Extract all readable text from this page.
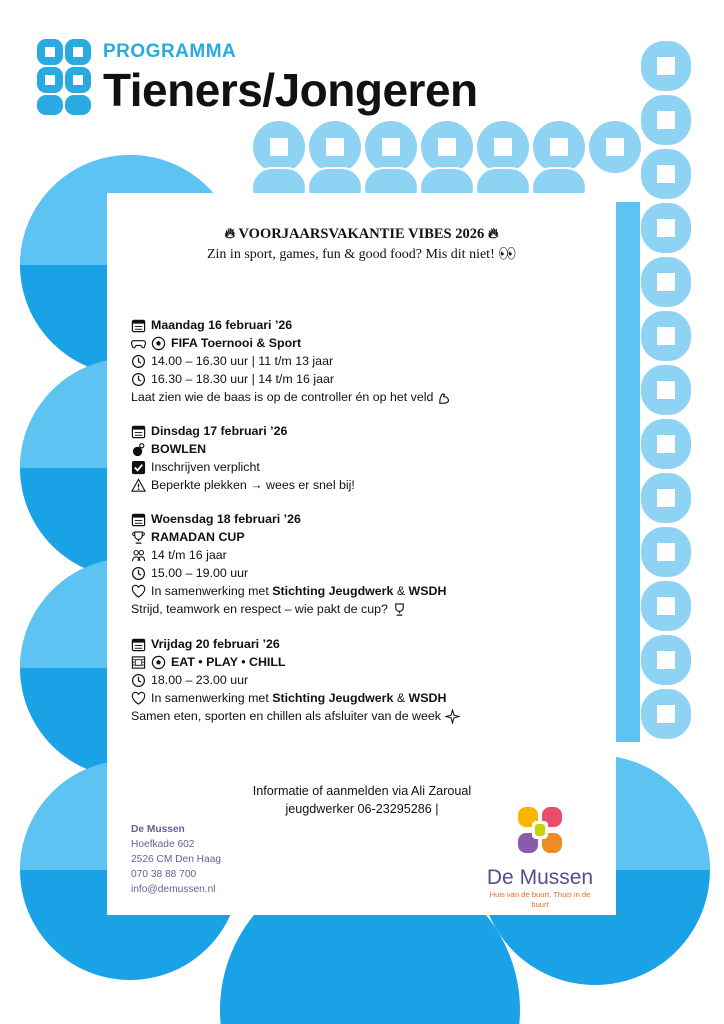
PROGRAMMA

Tieners/Jongeren
🔥︎ VOORJAARSVAKANTIE VIBES 2026 🔥︎
Zin in sport, games, fun & good food? Mis dit niet! 👀︎
Maandag 16 februari ’26
FIFA Toernooi & Sport
14.00 – 16.30 uur | 11 t/m 13 jaar
16.30 – 18.30 uur | 14 t/m 16 jaar
Laat zien wie de baas is op de controller én op het veld
Dinsdag 17 februari ’26
BOWLEN
Inschrijven verplicht
Beperkte plekken → wees er snel bij!
Woensdag 18 februari ’26
RAMADAN CUP
14 t/m 16 jaar
15.00 – 19.00 uur
In samenwerking met Stichting Jeugdwerk & WSDH
Strijd, teamwork en respect – wie pakt de cup?
Vrijdag 20 februari ’26
EAT • PLAY • CHILL
18.00 – 23.00 uur
In samenwerking met Stichting Jeugdwerk & WSDH
Samen eten, sporten en chillen als afsluiter van de week
Informatie of aanmelden via Ali Zaroual
jeugdwerker 06-23295286 |
De Mussen
Hoefkade 602
2526 CM Den Haag
070 38 88 700
info@demussen.nl
De Mussen
Huis van de buurt, Thuis in de buurt
